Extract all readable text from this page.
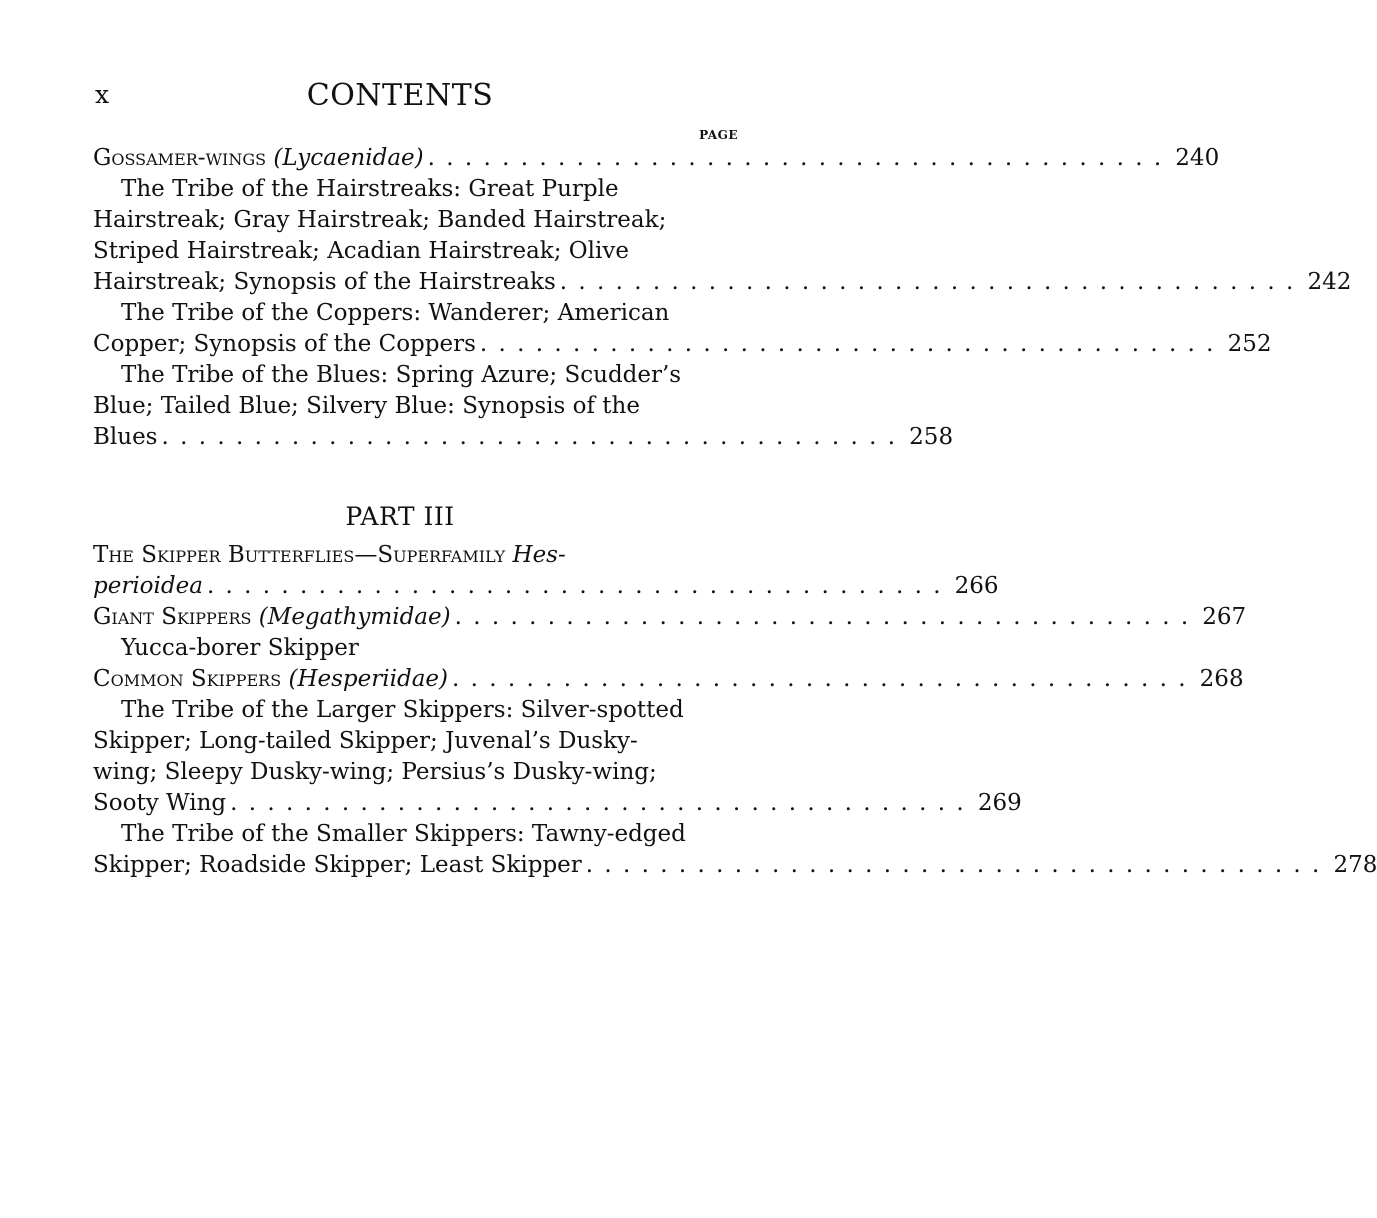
x	CONTENTS
PAGE
Gossamer-wings
(Lycaenidae) . . . . . . . . . . . . . . . . . . . . . . . . . . . . . . . . . . . . . . . . 240
The Tribe of the Hairstreaks: Great Purple
Hairstreak; Gray Hairstreak; Banded Hairstreak;
Striped Hairstreak; Acadian Hairstreak; Olive
Hairstreak; Synopsis of the Hairstreaks . . . . . . . . . . . . . . . . . . . . . . . . . . . . . . . . . . . . . . . . 242
The Tribe of the Coppers: Wanderer; American
Copper; Synopsis of the Coppers . . . . . . . . . . . . . . . . . . . . . . . . . . . . . . . . . . . . . . . . 252
The Tribe of the Blues: Spring Azure; Scudder’s
Blue; Tailed Blue; Silvery Blue: Synopsis of the
Blues . . . . . . . . . . . . . . . . . . . . . . . . . . . . . . . . . . . . . . . . 258
PART III
The Skipper Butterflies—Superfamily
Hes-
perioidea . . . . . . . . . . . . . . . . . . . . . . . . . . . . . . . . . . . . . . . . 266
Giant Skippers
(Megathymidae) . . . . . . . . . . . . . . . . . . . . . . . . . . . . . . . . . . . . . . . . 267
Yucca-borer Skipper
Common Skippers
(Hesperiidae) . . . . . . . . . . . . . . . . . . . . . . . . . . . . . . . . . . . . . . . . 268
The Tribe of the Larger Skippers: Silver-spotted
Skipper; Long-tailed Skipper; Juvenal’s Dusky-
wing; Sleepy Dusky-wing; Persius’s Dusky-wing;
Sooty Wing . . . . . . . . . . . . . . . . . . . . . . . . . . . . . . . . . . . . . . . . 269
The Tribe of the Smaller Skippers: Tawny-edged
Skipper; Roadside Skipper; Least Skipper . . . . . . . . . . . . . . . . . . . . . . . . . . . . . . . . . . . . . . . . 278
